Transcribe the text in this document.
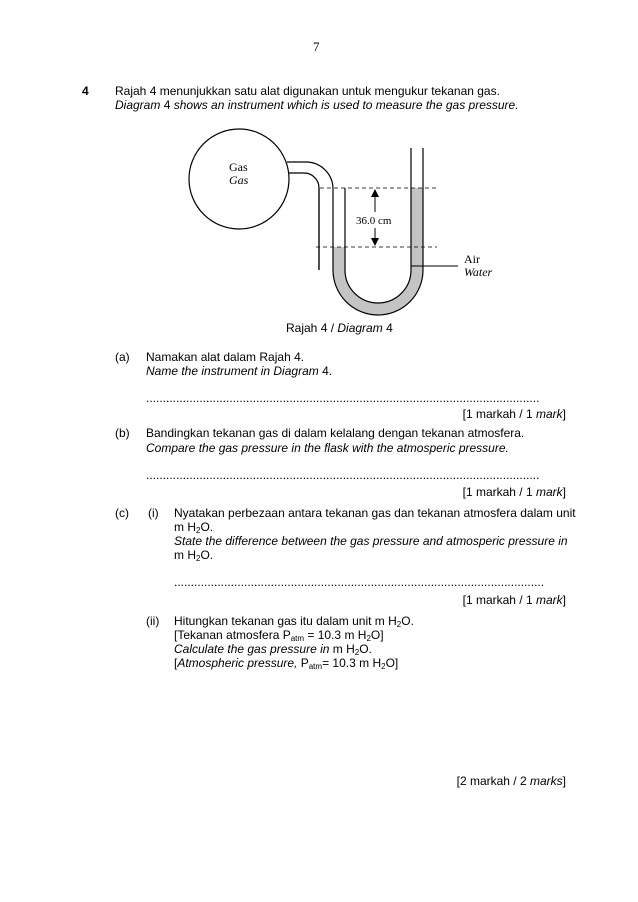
7
4 Rajah 4 menunjukkan satu alat digunakan untuk mengukur tekanan gas.
Diagram 4 shows an instrument which is used to measure the gas pressure.
Gas
Gas
36.0 cm
Air
Water
Rajah 4 / Diagram 4
(a) Namakan alat dalam Rajah 4.
Name the instrument in Diagram 4.
......................................................................................................................
[1 markah / 1 mark]
(b) Bandingkan tekanan gas di dalam kelalang dengan tekanan atmosfera.
Compare the gas pressure in the flask with the atmosperic pressure.
......................................................................................................................
[1 markah / 1 mark]
(c) (i) Nyatakan perbezaan antara tekanan gas dan tekanan atmosfera dalam unit
m $H_2O$.
State the difference between the gas pressure and atmosperic pressure in
m $H_2O$.
...............................................................................................................
[1 markah / 1 mark]
(ii) Hitungkan tekanan gas itu dalam unit m $H_2O$.
[Tekanan atmosfera $P_{atm} = 10.3$ m $H_2O$]
Calculate the gas pressure in m $H_2O$.
[Atmospheric pressure, $P_{atm}= 10.3$ m $H_2O$]
[2 markah / 2 marks]
